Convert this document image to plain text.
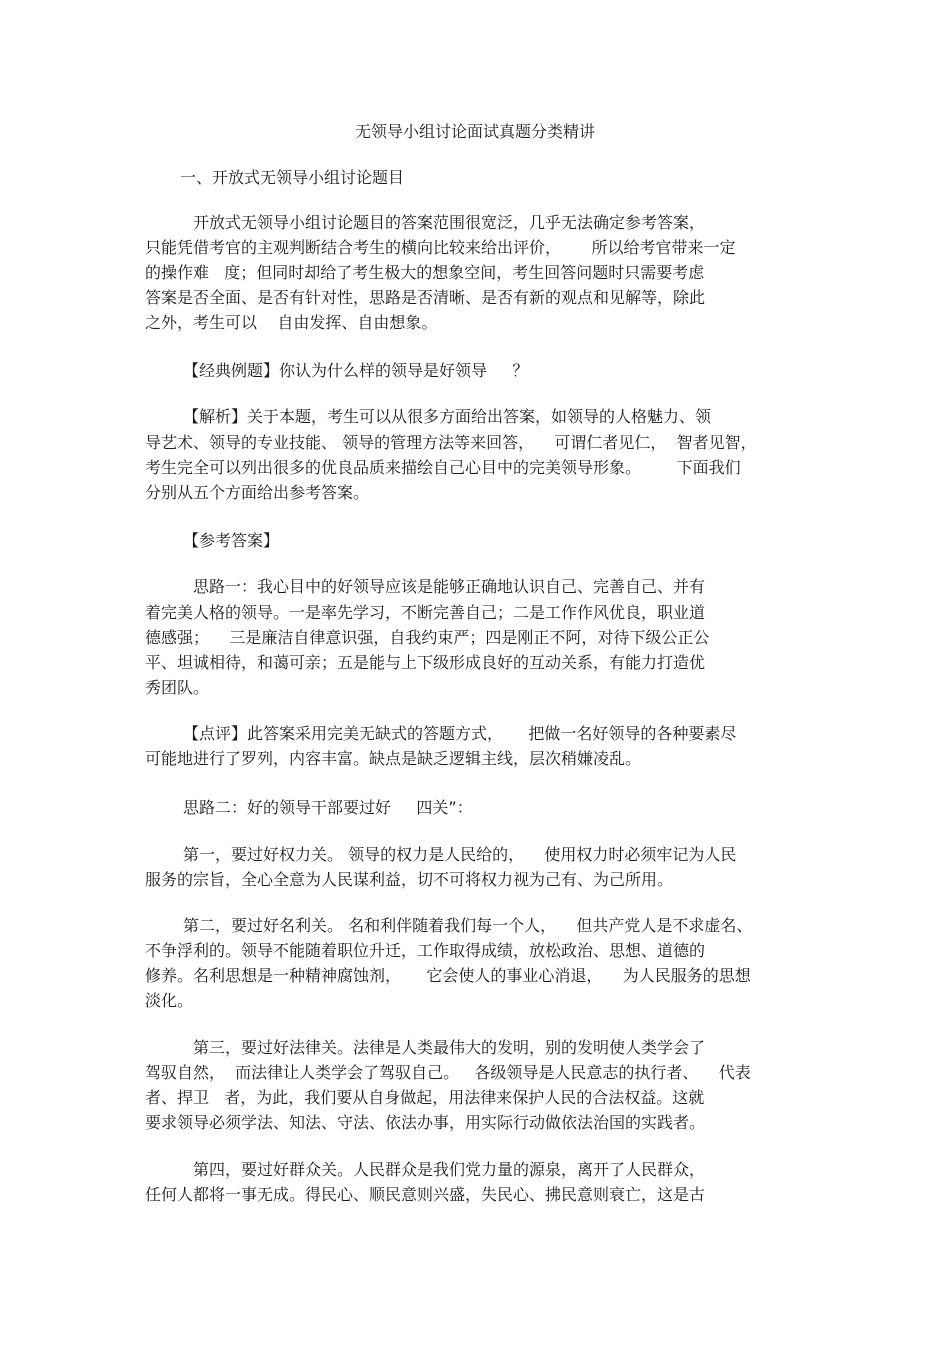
无领导小组讨论面试真题分类精讲
一、开放式无领导小组讨论题目
开放式无领导小组讨论题目的答案范围很宽泛，几乎无法确定参考答案，
只能凭借考官的主观判断结合考生的横向比较来给出评价，      所以给考官带来一定
的操作难   度；但同时却给了考生极大的想象空间，考生回答问题时只需要考虑
答案是否全面、是否有针对性，思路是否清晰、是否有新的观点和见解等，除此
之外，考生可以    自由发挥、自由想象。
【经典例题】你认为什么样的领导是好领导     ？
【解析】关于本题，考生可以从很多方面给出答案，如领导的人格魅力、领
导艺术、领导的专业技能、 领导的管理方法等来回答，    可谓仁者见仁，  智者见智，
考生完全可以列出很多的优良品质来描绘自己心目中的完美领导形象。       下面我们
分别从五个方面给出参考答案。
【参考答案】
思路一：我心目中的好领导应该是能够正确地认识自己、完善自己、并有
着完美人格的领导。一是率先学习，不断完善自己；二是工作作风优良，职业道
德感强；    三是廉洁自律意识强，自我约束严；四是刚正不阿，对待下级公正公
平、坦诚相待，和蔼可亲；五是能与上下级形成良好的互动关系，有能力打造优
秀团队。
【点评】此答案采用完美无缺式的答题方式，     把做一名好领导的各种要素尽
可能地进行了罗列，内容丰富。缺点是缺乏逻辑主线，层次稍嫌凌乱。
思路二：好的领导干部要过好     四关”：
第一，要过好权力关。 领导的权力是人民给的，    使用权力时必须牢记为人民
服务的宗旨，全心全意为人民谋利益，切不可将权力视为己有、为己所用。
第二，要过好名利关。 名和利伴随着我们每一个人，    但共产党人是不求虚名、
不争浮利的。领导不能随着职位升迁，工作取得成绩，放松政治、思想、道德的
修养。名利思想是一种精神腐蚀剂，     它会使人的事业心消退，    为人民服务的思想
淡化。
第三，要过好法律关。法律是人类最伟大的发明，别的发明使人类学会了
驾驭自然，  而法律让人类学会了驾驭自己。   各级领导是人民意志的执行者、    代表
者、捍卫   者，为此，我们要从自身做起，用法律来保护人民的合法权益。这就
要求领导必须学法、知法、守法、依法办事，用实际行动做依法治国的实践者。
第四，要过好群众关。人民群众是我们党力量的源泉，离开了人民群众，
任何人都将一事无成。得民心、顺民意则兴盛，失民心、拂民意则衰亡，这是古
